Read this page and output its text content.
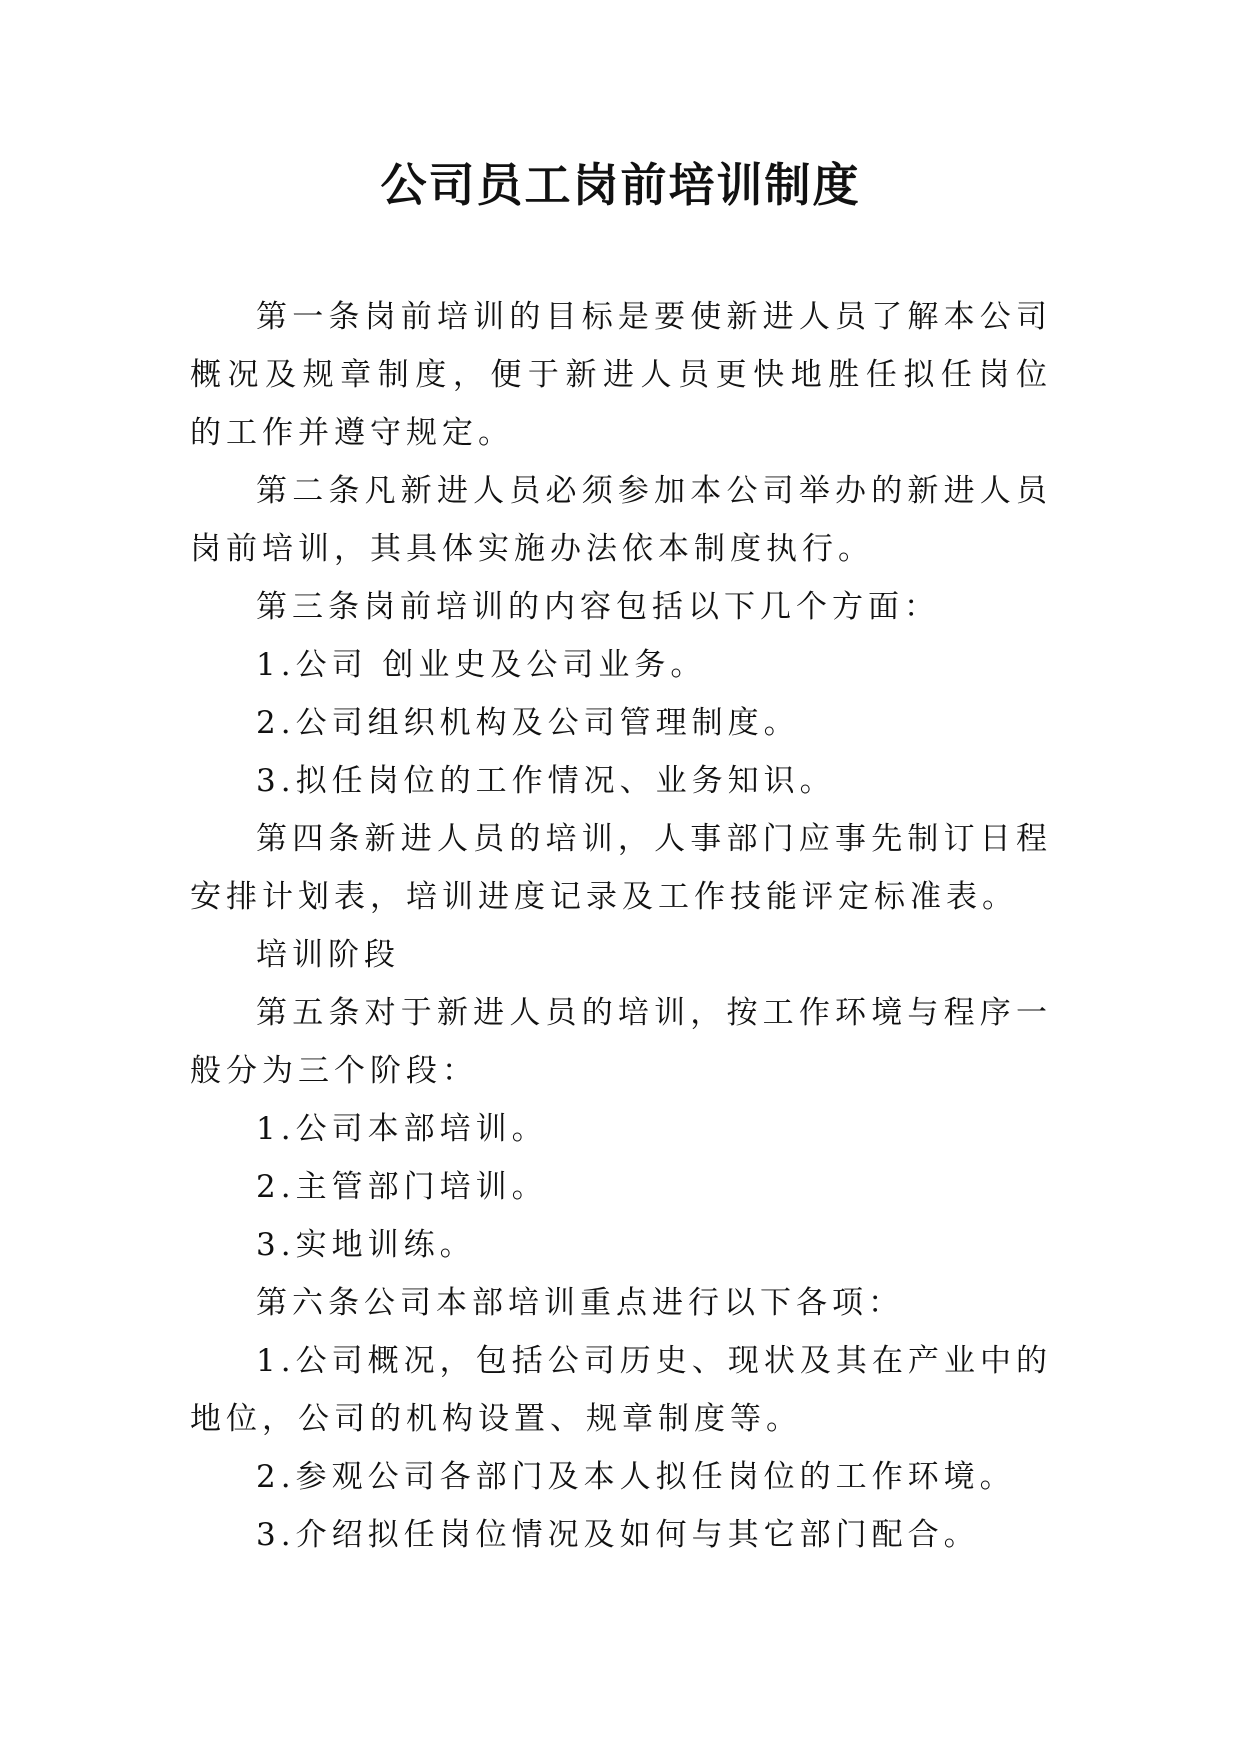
公司员工岗前培训制度

第一条岗前培训的目标是要使新进人员了解本公司概况及规章制度，便于新进人员更快地胜任拟任岗位的工作并遵守规定。

第二条凡新进人员必须参加本公司举办的新进人员岗前培训，其具体实施办法依本制度执行。

第三条岗前培训的内容包括以下几个方面：

1.公司 创业史及公司业务。

2.公司组织机构及公司管理制度。

3.拟任岗位的工作情况、业务知识。

第四条新进人员的培训，人事部门应事先制订日程安排计划表，培训进度记录及工作技能评定标准表。

培训阶段

第五条对于新进人员的培训，按工作环境与程序一般分为三个阶段：

1.公司本部培训。

2.主管部门培训。

3.实地训练。

第六条公司本部培训重点进行以下各项：

1.公司概况，包括公司历史、现状及其在产业中的地位，公司的机构设置、规章制度等。

2.参观公司各部门及本人拟任岗位的工作环境。

3.介绍拟任岗位情况及如何与其它部门配合。
